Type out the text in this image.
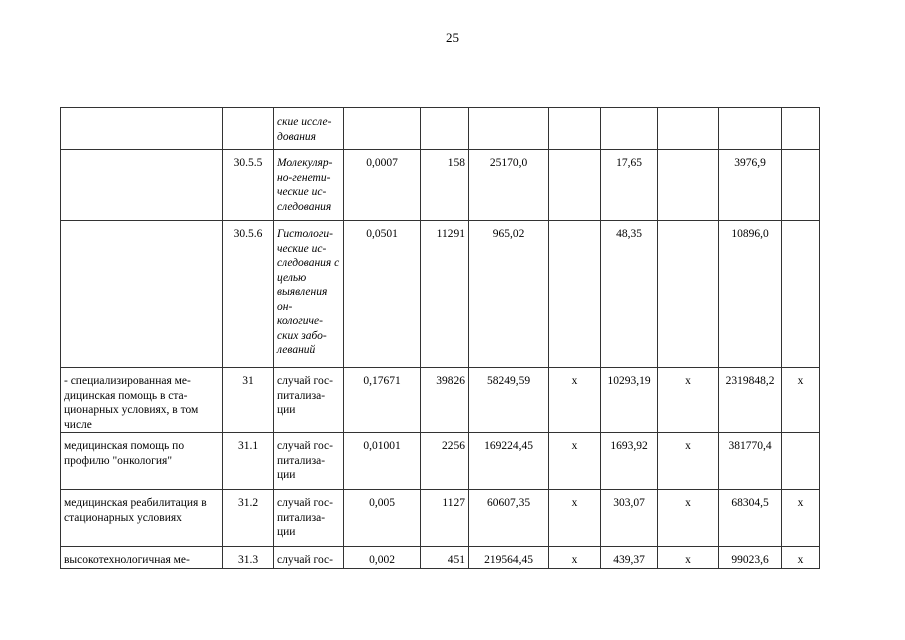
25
		ские иссле- дования								
	30.5.5	Молекуляр- но-генети- ческие ис- следования	0,0007	158	25170,0		17,65		3976,9	
	30.5.6	Гистологи- ческие ис- следования с целью выявления он- кологиче- ских забо- леваний	0,0501	11291	965,02		48,35		10896,0	
- специализированная ме- дицинская помощь в ста- ционарных условиях, в том числе	31	случай гос- питализа- ции	0,17671	39826	58249,59	х	10293,19	х	2319848,2	х
медицинская помощь по профилю "онкология"	31.1	случай гос- питализа- ции	0,01001	2256	169224,45	х	1693,92	х	381770,4	
медицинская реабилитация в стационарных условиях	31.2	случай гос- питализа- ции	0,005	1127	60607,35	х	303,07	х	68304,5	х
высокотехнологичная ме-	31.3	случай гос-	0,002	451	219564,45	х	439,37	х	99023,6	х
